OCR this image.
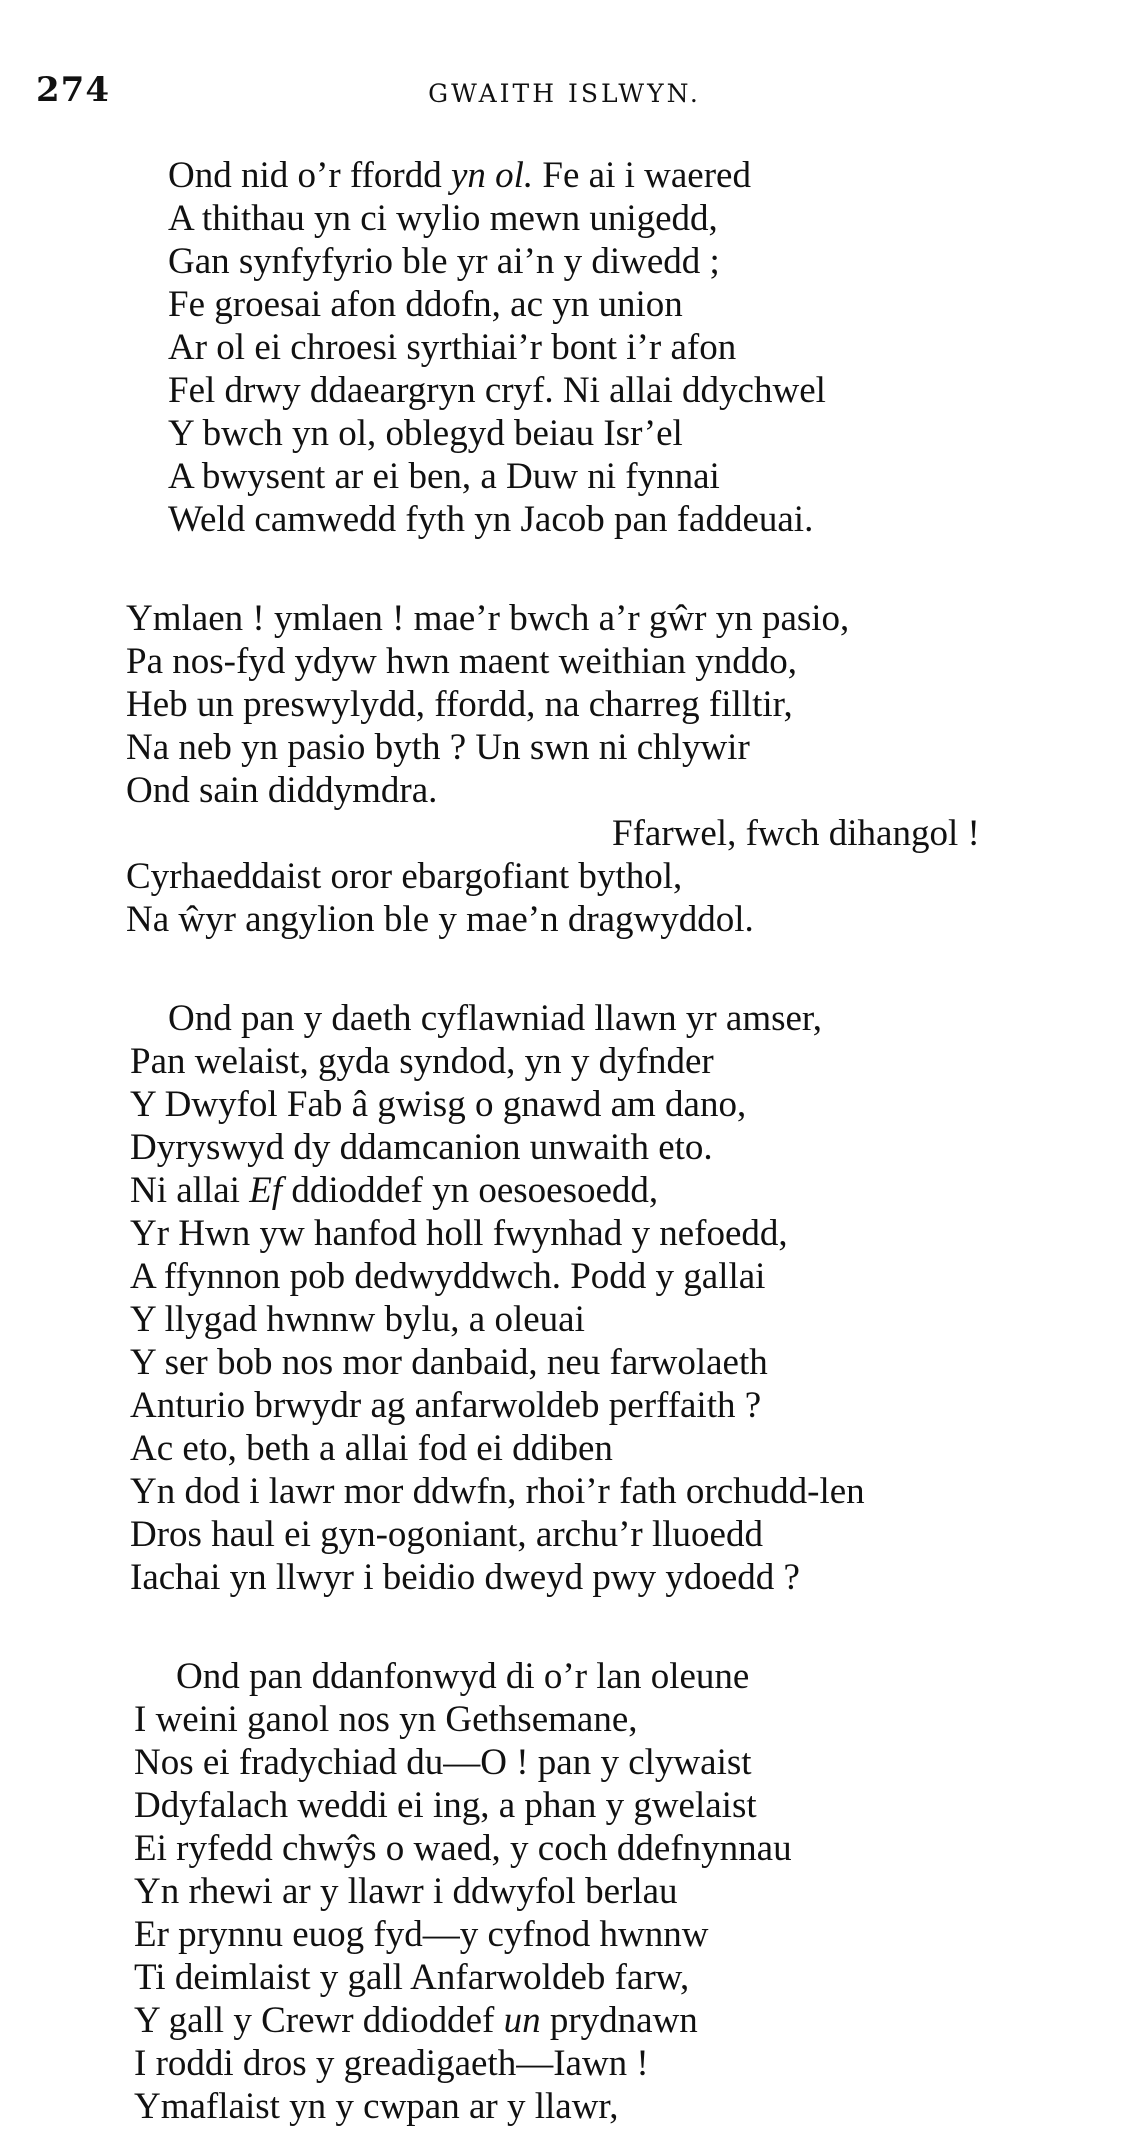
274	GWAITH ISLWYN.
Ond nid o’r ffordd yn ol. Fe ai i waered
A thithau yn ci wylio mewn unigedd,
Gan synfyfyrio ble yr ai’n y diwedd ;
Fe groesai afon ddofn, ac yn union
Ar ol ei chroesi syrthiai’r bont i’r afon
Fel drwy ddaeargryn cryf. Ni allai ddychwel
Y bwch yn ol, oblegyd beiau Isr’el
A bwysent ar ei ben, a Duw ni fynnai
Weld camwedd fyth yn Jacob pan faddeuai.
Ymlaen ! ymlaen ! mae’r bwch a’r gŵr yn pasio,
Pa nos-fyd ydyw hwn maent weithian ynddo,
Heb un preswylydd, ffordd, na charreg filltir,
Na neb yn pasio byth ? Un swn ni chlywir
Ond sain diddymdra.
Ffarwel, fwch dihangol !
Cyrhaeddaist oror ebargofiant bythol,
Na ŵyr angylion ble y mae’n dragwyddol.
Ond pan y daeth cyflawniad llawn yr amser,
Pan welaist, gyda syndod, yn y dyfnder
Y Dwyfol Fab â gwisg o gnawd am dano,
Dyryswyd dy ddamcanion unwaith eto.
Ni allai Ef ddioddef yn oesoesoedd,
Yr Hwn yw hanfod holl fwynhad y nefoedd,
A ffynnon pob dedwyddwch. Podd y gallai
Y llygad hwnnw bylu, a oleuai
Y ser bob nos mor danbaid, neu farwolaeth
Anturio brwydr ag anfarwoldeb perffaith ?
Ac eto, beth a allai fod ei ddiben
Yn dod i lawr mor ddwfn, rhoi’r fath orchudd-len
Dros haul ei gyn-ogoniant, archu’r lluoedd
Iachai yn llwyr i beidio dweyd pwy ydoedd ?
Ond pan ddanfonwyd di o’r lan oleune
I weini ganol nos yn Gethsemane,
Nos ei fradychiad du—O ! pan y clywaist
Ddyfalach weddi ei ing, a phan y gwelaist
Ei ryfedd chwŷs o waed, y coch ddefnynnau
Yn rhewi ar y llawr i ddwyfol berlau
Er prynnu euog fyd—y cyfnod hwnnw
Ti deimlaist y gall Anfarwoldeb farw,
Y gall y Crewr ddioddef un prydnawn
I roddi dros y greadigaeth—Iawn !
Ymaflaist yn y cwpan ar y llawr,
